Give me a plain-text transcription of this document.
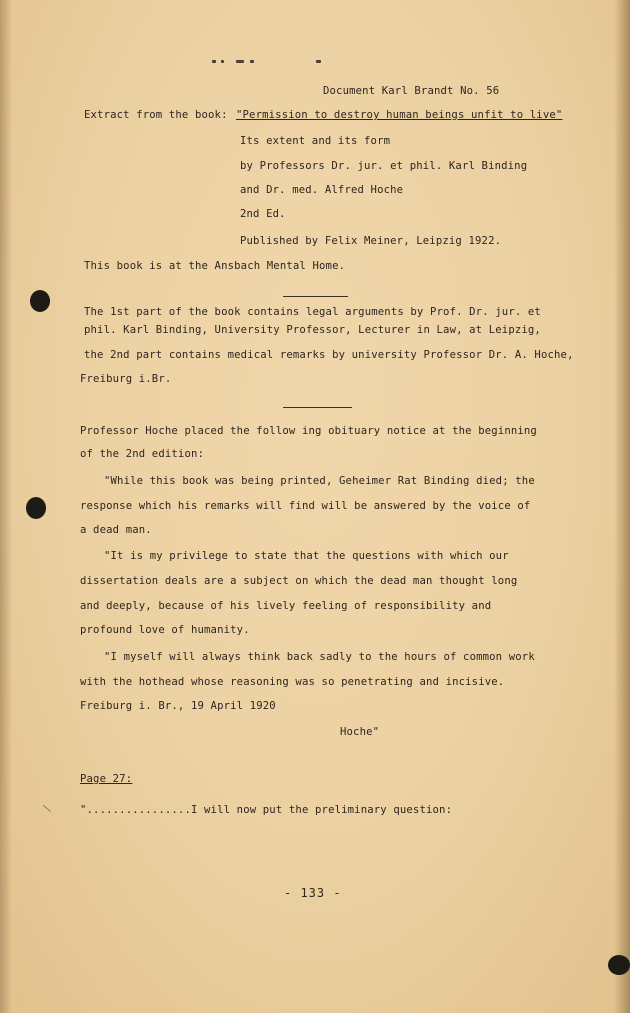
Document Karl Brandt No. 56
Extract from the book: "Permission to destroy human beings unfit to live"
Its extent and its form
by Professors Dr. jur. et phil. Karl Binding
and Dr. med. Alfred Hoche
2nd Ed.
Published by Felix Meiner, Leipzig 1922.
This book is at the Ansbach Mental Home.
The 1st part of the book contains legal arguments by Prof. Dr. jur. et
phil. Karl Binding, University Professor, Lecturer in Law, at Leipzig,
the 2nd part contains medical remarks by university Professor Dr. A. Hoche,
Freiburg i.Br.
Professor Hoche placed the follow ing obituary notice at the beginning
of the 2nd edition:
"While this book was being printed, Geheimer Rat Binding died; the
response which his remarks will find will be answered by the voice of
a dead man.
"It is my privilege to state that the questions with which our
dissertation deals are a subject on which the dead man thought long
and deeply, because of his lively feeling of responsibility and
profound love of humanity.
"I myself will always think back sadly to the hours of common work
with the hothead whose reasoning was so penetrating and incisive.
Freiburg i. Br., 19 April 1920
Hoche"
Page 27:
"................I will now put the preliminary question:
- 133 -
